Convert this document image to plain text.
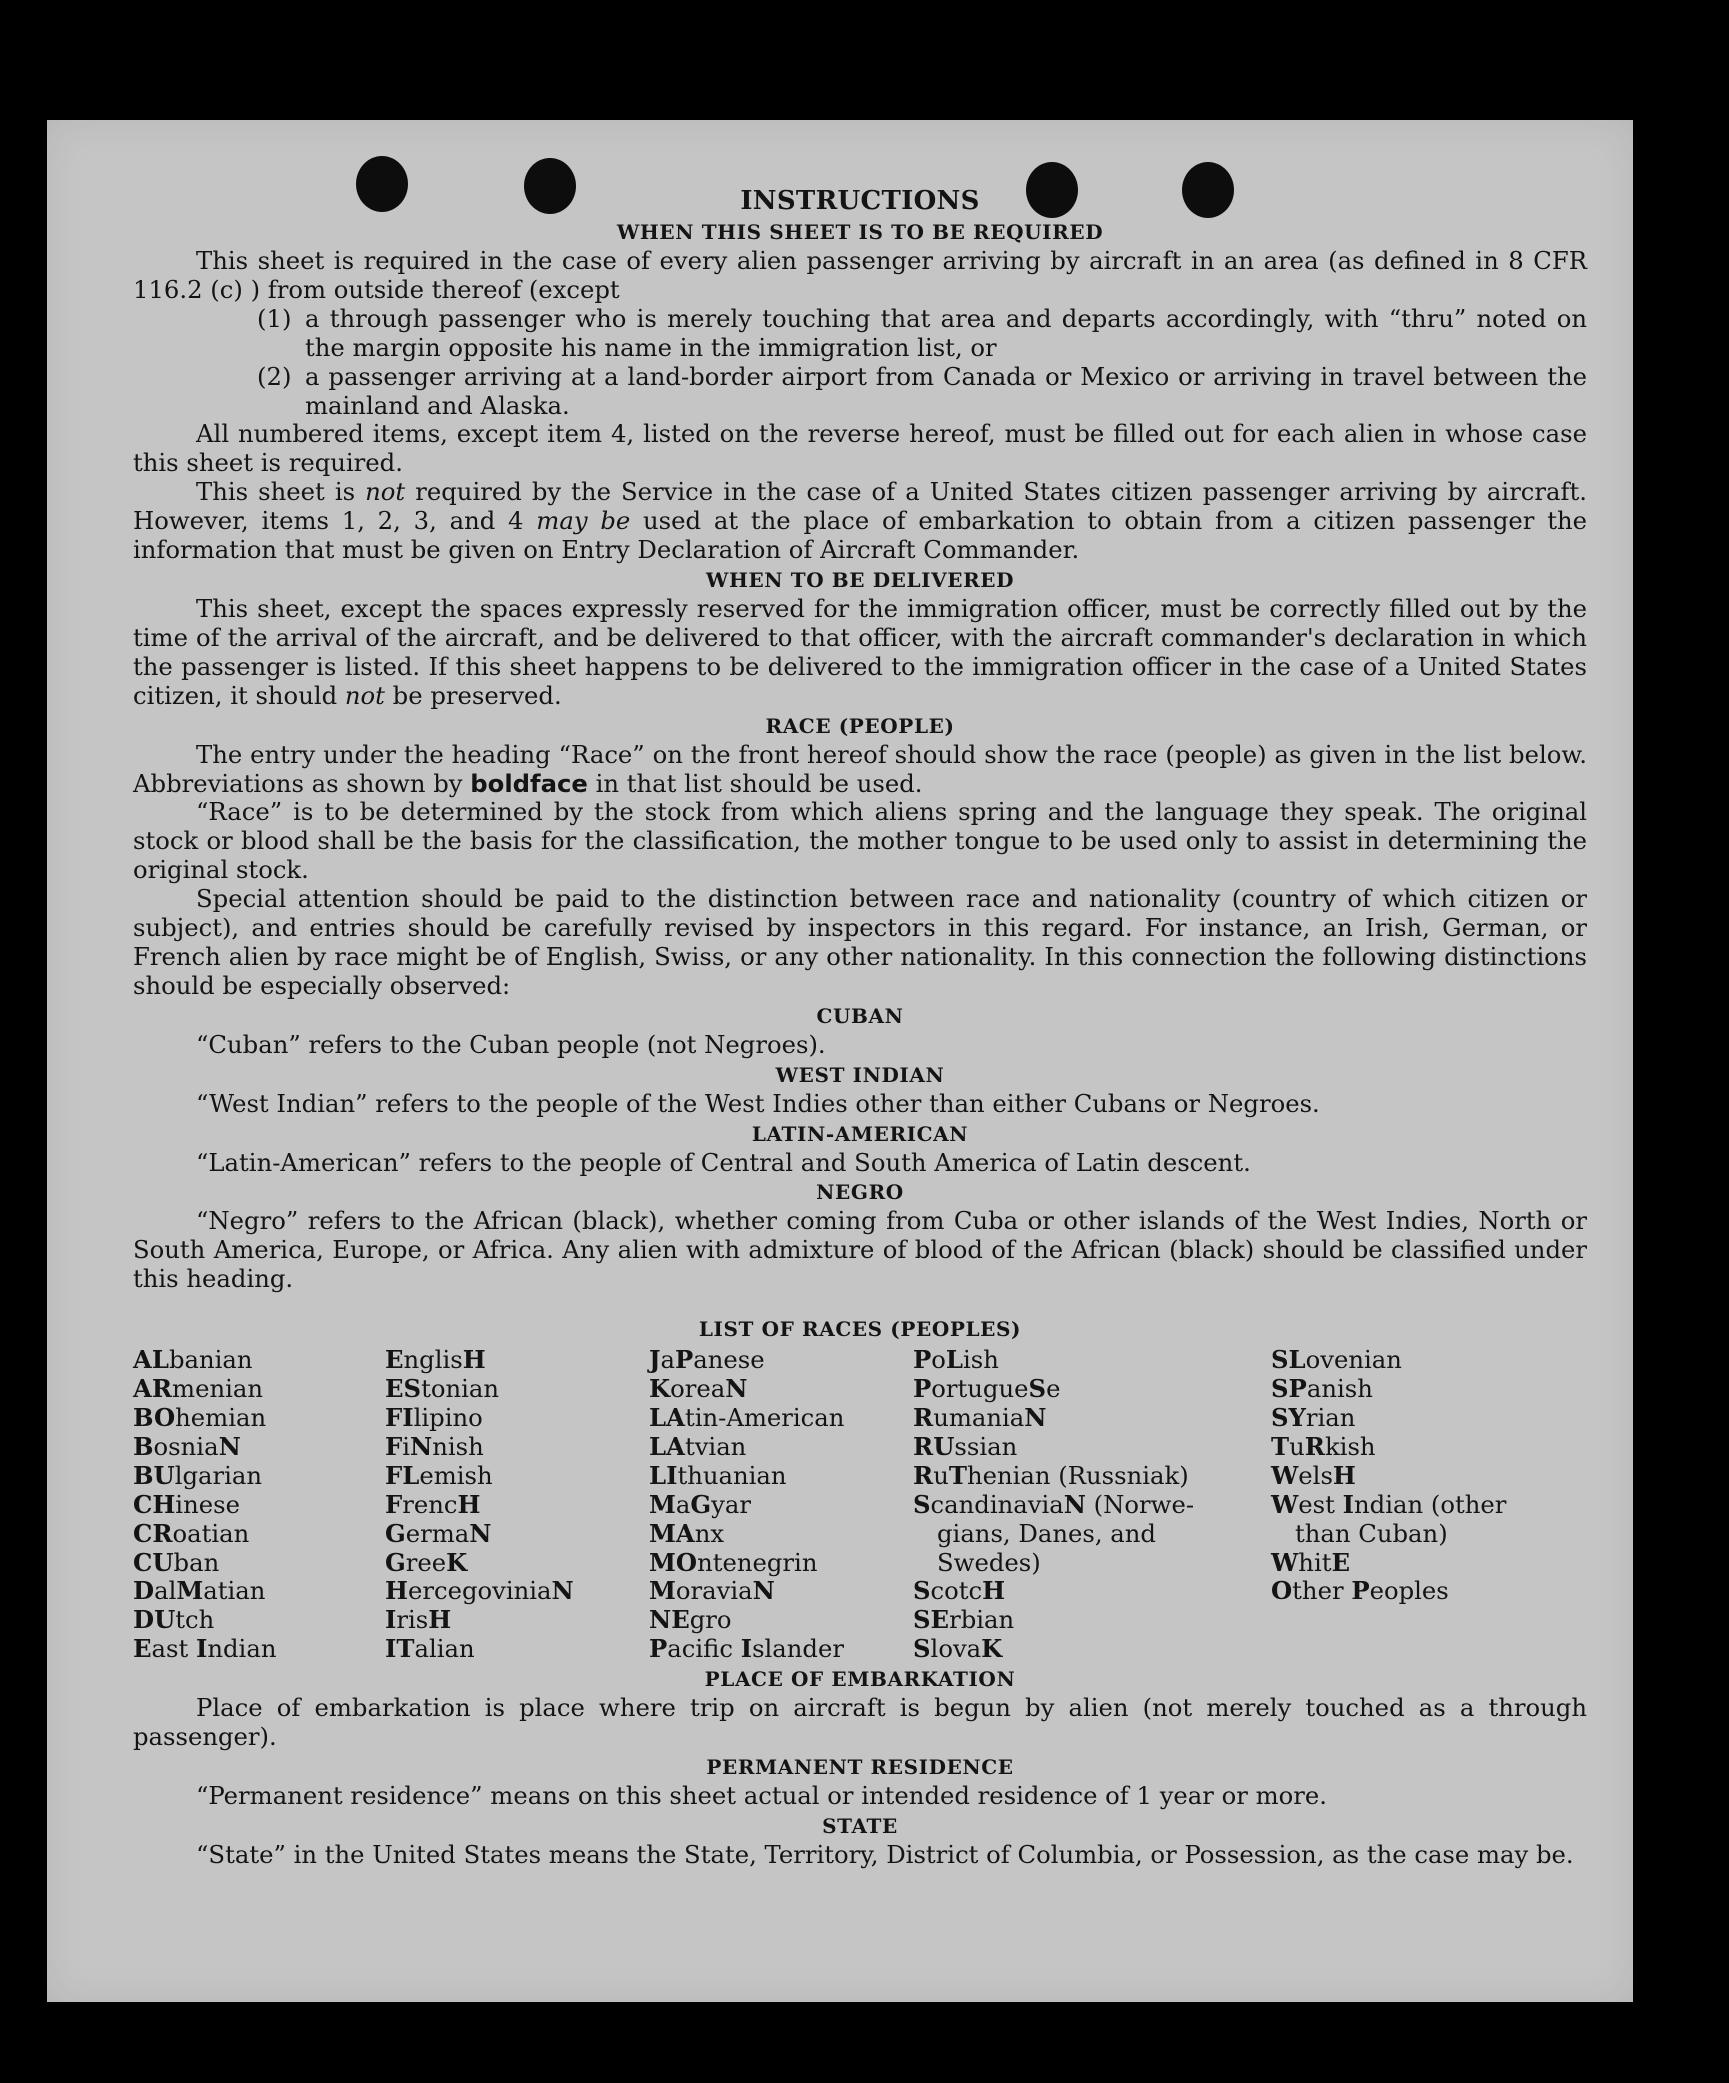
INSTRUCTIONS
WHEN THIS SHEET IS TO BE REQUIRED

This sheet is required in the case of every alien passenger arriving by aircraft in an area (as defined in 8 CFR 116.2 (c) ) from outside thereof (except

(1) a through passenger who is merely touching that area and departs accordingly, with “thru” noted on the margin opposite his name in the immigration list, or
(2) a passenger arriving at a land-border airport from Canada or Mexico or arriving in travel between the mainland and Alaska.

All numbered items, except item 4, listed on the reverse hereof, must be filled out for each alien in whose case this sheet is required.

This sheet is not required by the Service in the case of a United States citizen passenger arriving by aircraft. However, items 1, 2, 3, and 4 may be used at the place of embarkation to obtain from a citizen passenger the information that must be given on Entry Declaration of Aircraft Commander.

WHEN TO BE DELIVERED

This sheet, except the spaces expressly reserved for the immigration officer, must be correctly filled out by the time of the arrival of the aircraft, and be delivered to that officer, with the aircraft commander's declaration in which the passenger is listed. If this sheet happens to be delivered to the immigration officer in the case of a United States citizen, it should not be preserved.

RACE (PEOPLE)

The entry under the heading “Race” on the front hereof should show the race (people) as given in the list below. Abbreviations as shown by boldface in that list should be used.

“Race” is to be determined by the stock from which aliens spring and the language they speak. The original stock or blood shall be the basis for the classification, the mother tongue to be used only to assist in determining the original stock.

Special attention should be paid to the distinction between race and nationality (country of which citizen or subject), and entries should be carefully revised by inspectors in this regard. For instance, an Irish, German, or French alien by race might be of English, Swiss, or any other nationality. In this connection the following distinctions should be especially observed:

CUBAN

“Cuban” refers to the Cuban people (not Negroes).

WEST INDIAN

“West Indian” refers to the people of the West Indies other than either Cubans or Negroes.

LATIN-AMERICAN

“Latin-American” refers to the people of Central and South America of Latin descent.

NEGRO

“Negro” refers to the African (black), whether coming from Cuba or other islands of the West Indies, North or South America, Europe, or Africa. Any alien with admixture of blood of the African (black) should be classified under this heading.

LIST OF RACES (PEOPLES)
ALbanian
ARmenian
BOhemian
BosniaN
BUlgarian
CHinese
CRoatian
CUban
DalMatian
DUtch
East Indian
EnglisH
EStonian
FIlipino
FiNnish
FLemish
FrencH
GermaN
GreeK
HercegoviniaN
IrisH
ITalian
JaPanese
KoreaN
LAtin-American
LAtvian
LIthuanian
MaGyar
MAnx
MOntenegrin
MoraviaN
NEgro
Pacific Islander
PoLish
PortugueSe
RumaniaN
RUssian
RuThenian (Russniak)
ScandinaviaN (Norwe-
gians, Danes, and
Swedes)
ScotcH
SErbian
SlovaK
SLovenian
SPanish
SYrian
TuRkish
WelsH
West Indian (other
than Cuban)
WhitE
Other Peoples
PLACE OF EMBARKATION

Place of embarkation is place where trip on aircraft is begun by alien (not merely touched as a through passenger).

PERMANENT RESIDENCE

“Permanent residence” means on this sheet actual or intended residence of 1 year or more.

STATE

“State” in the United States means the State, Territory, District of Columbia, or Possession, as the case may be.
